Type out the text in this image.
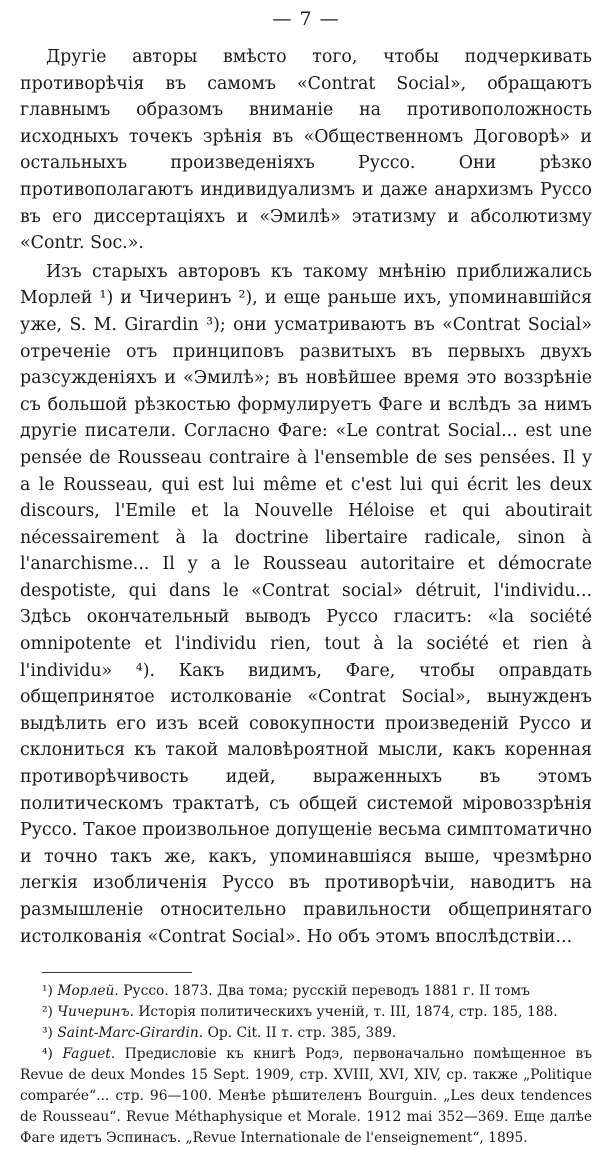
— 7 —

Другіе авторы вмѣсто того, чтобы подчеркивать противорѣчія въ самомъ «Contrat Social», обращаютъ главнымъ образомъ вниманіе на противоположность исходныхъ точекъ зрѣнія въ «Общественномъ Договорѣ» и остальныхъ произведеніяхъ Руссо. Они рѣзко противополагаютъ индивидуализмъ и даже анархизмъ Руссо въ его диссертаціяхъ и «Эмилѣ» этатизму и абсолютизму «Contr. Soc.».

Изъ старыхъ авторовъ къ такому мнѣнію приближались Морлей ¹) и Чичеринъ ²), и еще раньше ихъ, упоминавшійся уже, S. M. Girardin ³); они усматриваютъ въ «Contrat Social» отреченіе отъ принциповъ развитыхъ въ первыхъ двухъ разсужденіяхъ и «Эмилѣ»; въ новѣйшее время это воззрѣніе съ большой рѣзкостью формулируетъ Фаге и вслѣдъ за нимъ другіе писатели. Согласно Фаге: «Le contrat Social... est une pensée de Rousseau contraire à l'ensemble de ses pensées. Il y a le Rousseau, qui est lui même et c'est lui qui écrit les deux discours, l'Emile et la Nouvelle Héloise et qui aboutirait nécessairement à la doctrine libertaire radicale, sinon à l'anarchisme... Il y a le Rousseau autoritaire et démocrate despotiste, qui dans le «Contrat social» détruit, l'individu... Здѣсь окончательный выводъ Руссо гласитъ: «la société omnipotente et l'individu rien, tout à la société et rien à l'individu» ⁴). Какъ видимъ, Фаге, чтобы оправдать общепринятое истолкованіе «Contrat Social», вынужденъ выдѣлить его изъ всей совокупности произведеній Руссо и склониться къ такой маловѣроятной мысли, какъ коренная противорѣчивость идей, выраженныхъ въ этомъ политическомъ трактатѣ, съ общей системой міровоззрѣнія Руссо. Такое произвольное допущеніе весьма симптоматично и точно такъ же, какъ, упоминавшіяся выше, чрезмѣрно легкія изобличенія Руссо въ противорѣчіи, наводитъ на размышленіе относительно правильности общепринятаго истолкованія «Contrat Social». Но объ этомъ впослѣдствіи...

¹) Морлей. Руссо. 1873. Два тома; русскій переводъ 1881 г. II томъ

²) Чичеринъ. Исторія политическихъ ученій, т. III, 1874, стр. 185, 188.

³) Saint-Marc-Girardin. Op. Cit. II т. стр. 385, 389.

⁴) Faguet. Предисловіе къ книгѣ Родэ, первоначально помѣщенное въ Revue de deux Mondes 15 Sept. 1909, стр. XVIII, XVI, XIV, ср. также „Politique comparée“... стр. 96—100. Менѣе рѣшителенъ Bourguin. „Les deux tendences de Rousseau“. Revue Méthaphysique et Morale. 1912 mai 352—369. Еще далѣе Фаге идетъ Эспинасъ. „Revue Internationale de l'enseignement“, 1895.
